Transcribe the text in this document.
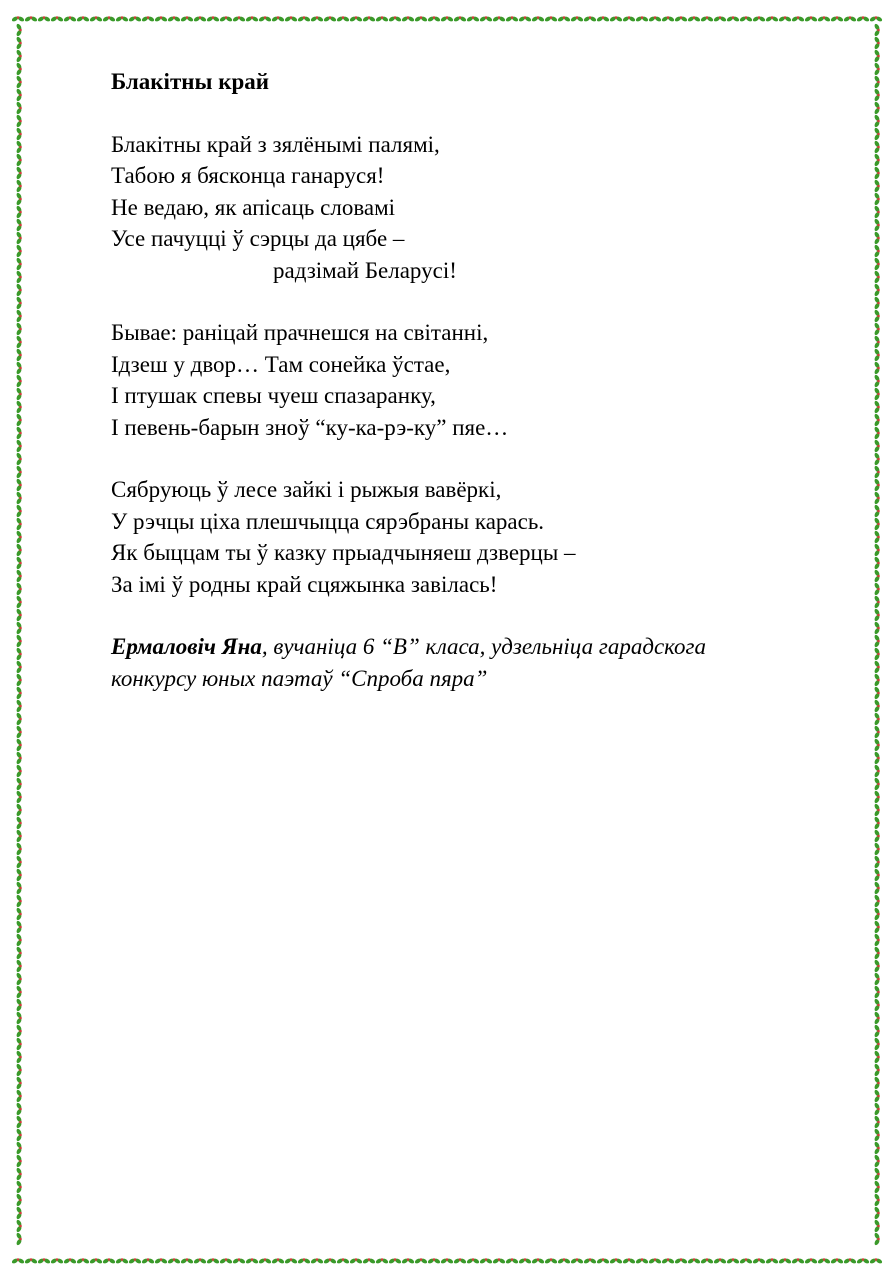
Блакітны край
Блакітны край з зялёнымі палямі,
Табою я бясконца ганаруся!
Не ведаю, як апісаць словамі
Усе пачуцці ў сэрцы да цябе –
радзімай Беларусі!
Бывае: раніцай прачнешся на світанні,
Ідзеш у двор… Там сонейка ўстае,
І птушак спевы чуеш спазаранку,
І певень-барын зноў “ку-ка-рэ-ку” пяе…
Сябруюць ў лесе зайкі і рыжыя вавёркі,
У рэчцы ціха плешчыцца сярэбраны карась.
Як быццам ты ў казку прыадчыняеш дзверцы –
За імі ў родны край сцяжынка завілась!
Ермаловіч Яна, вучаніца 6 “В” класа, удзельніца гарадскога
конкурсу юных паэтаў “Спроба пяра”
